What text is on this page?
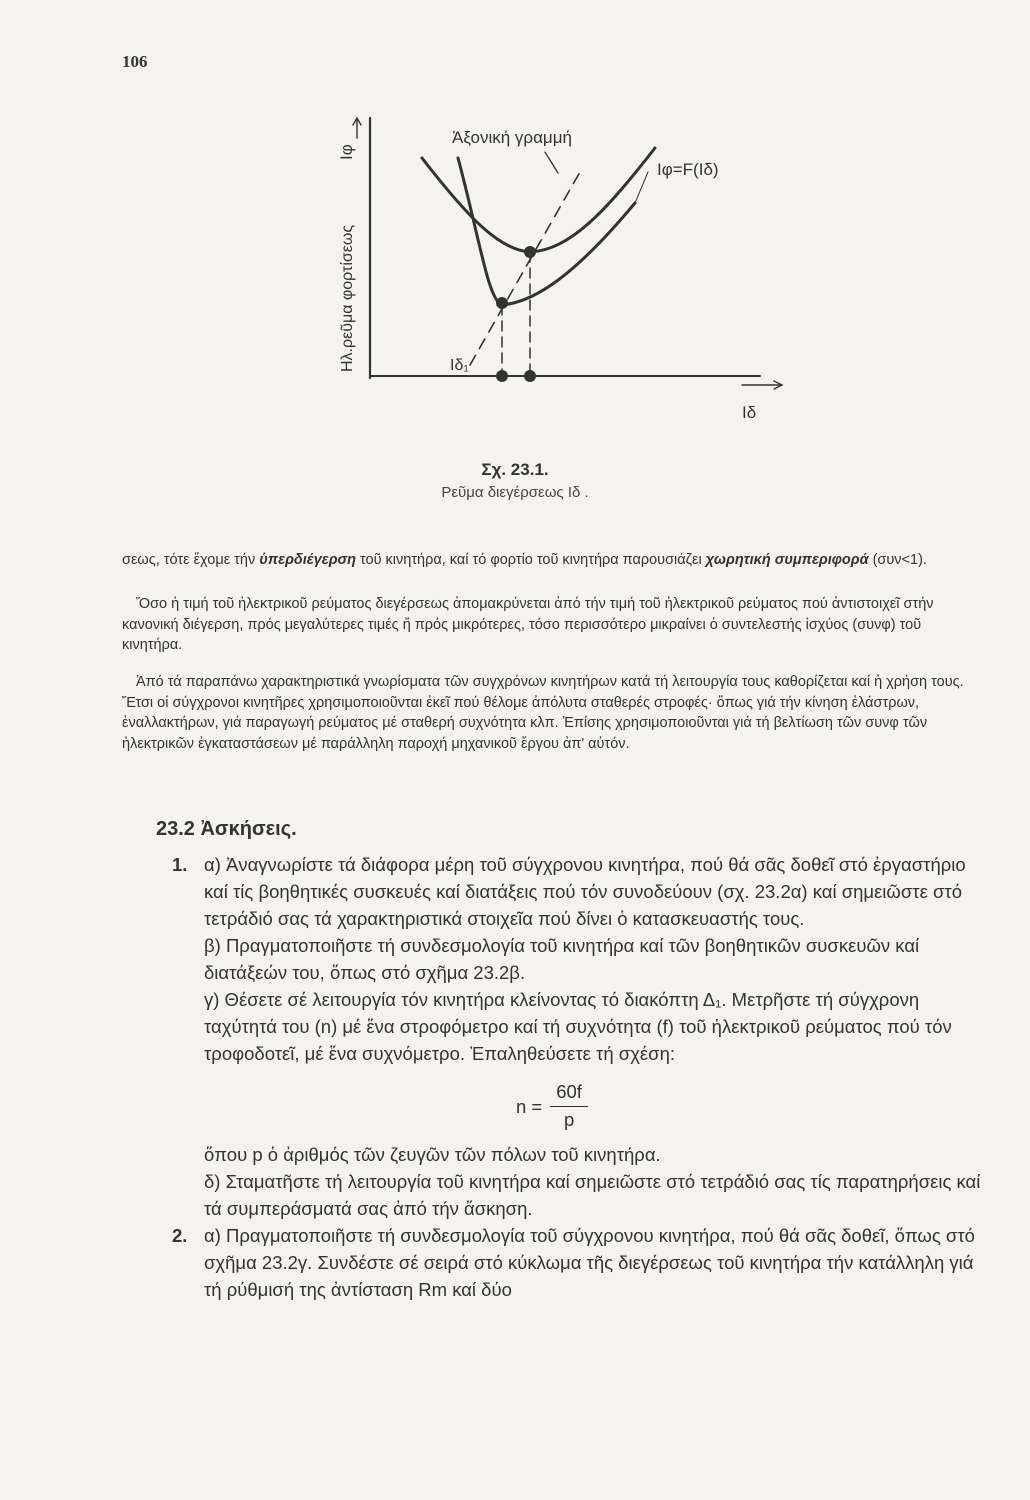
106
Ηλ.ρεῦμα φορτίσεως
Ιφ
Ἀξονική γραμμή
Ιφ=F(Ιδ)
Ιδ₁
Ιδ
Σχ. 23.1.
Ρεῦμα διεγέρσεως Ιδ .

σεως, τότε ἔχομε τήν ὑπερδιέγερση τοῦ κινητήρα, καί τό φορτίο τοῦ κινητήρα παρουσιάζει χωρητική συμπεριφορά (συν<1).

Ὅσο ἡ τιμή τοῦ ἠλεκτρικοῦ ρεύματος διεγέρσεως ἀπομακρύνεται ἀπό τήν τιμή τοῦ ἠλεκτρικοῦ ρεύματος πού ἀντιστοιχεῖ στήν κανονική διέγερση, πρός μεγαλύτερες τιμές ἤ πρός μικρότερες, τόσο περισσότερο μικραίνει ὁ συντελεστής ἰσχύος (συνφ) τοῦ κινητήρα.

Ἀπό τά παραπάνω χαρακτηριστικά γνωρίσματα τῶν συγχρόνων κινητήρων κατά τή λειτουργία τους καθορίζεται καί ἡ χρήση τους. Ἔτσι οἱ σύγχρονοι κινητῆρες χρησιμοποιοῦνται ἐκεῖ πού θέλομε ἀπόλυτα σταθερές στροφές· ὅπως γιά τήν κίνηση ἐλάστρων, ἐναλλακτήρων, γιά παραγωγή ρεύματος μέ σταθερή συχνότητα κλπ. Ἐπίσης χρησιμοποιοῦνται γιά τή βελτίωση τῶν συνφ τῶν ἠλεκτρικῶν ἐγκαταστάσεων μέ παράλληλη παροχή μηχανικοῦ ἔργου ἀπ' αὐτόν.

23.2 Ἀσκήσεις.
1. α) Ἀναγνωρίστε τά διάφορα μέρη τοῦ σύγχρονου κινητήρα, πού θά σᾶς δοθεῖ στό ἐργαστήριο καί τίς βοηθητικές συσκευές καί διατάξεις πού τόν συνοδεύουν (σχ. 23.2α) καί σημειῶστε στό τετράδιό σας τά χαρακτηριστικά στοιχεῖα πού δίνει ὁ κατασκευαστής τους.

β) Πραγματοποιῆστε τή συνδεσμολογία τοῦ κινητήρα καί τῶν βοηθητικῶν συσκευῶν καί διατάξεών του, ὅπως στό σχῆμα 23.2β.

γ) Θέσετε σέ λειτουργία τόν κινητήρα κλείνοντας τό διακόπτη Δ₁. Μετρῆστε τή σύγχρονη ταχύτητά του (n) μέ ἕνα στροφόμετρο καί τή συχνότητα (f) τοῦ ἠλεκτρικοῦ ρεύματος πού τόν τροφοδοτεῖ, μέ ἕνα συχνόμετρο. Ἐπαληθεύσετε τή σχέση:

$n = \frac{60f}{p}$

ὅπου p ὁ ἀριθμός τῶν ζευγῶν τῶν πόλων τοῦ κινητήρα.

δ) Σταματῆστε τή λειτουργία τοῦ κινητήρα καί σημειῶστε στό τετράδιό σας τίς παρατηρήσεις καί τά συμπεράσματά σας ἀπό τήν ἄσκηση.

2. α) Πραγματοποιῆστε τή συνδεσμολογία τοῦ σύγχρονου κινητήρα, πού θά σᾶς δοθεῖ, ὅπως στό σχῆμα 23.2γ. Συνδέστε σέ σειρά στό κύκλωμα τῆς διεγέρσεως τοῦ κινητήρα τήν κατάλληλη γιά τή ρύθμισή της ἀντίσταση Rm καί δύο
